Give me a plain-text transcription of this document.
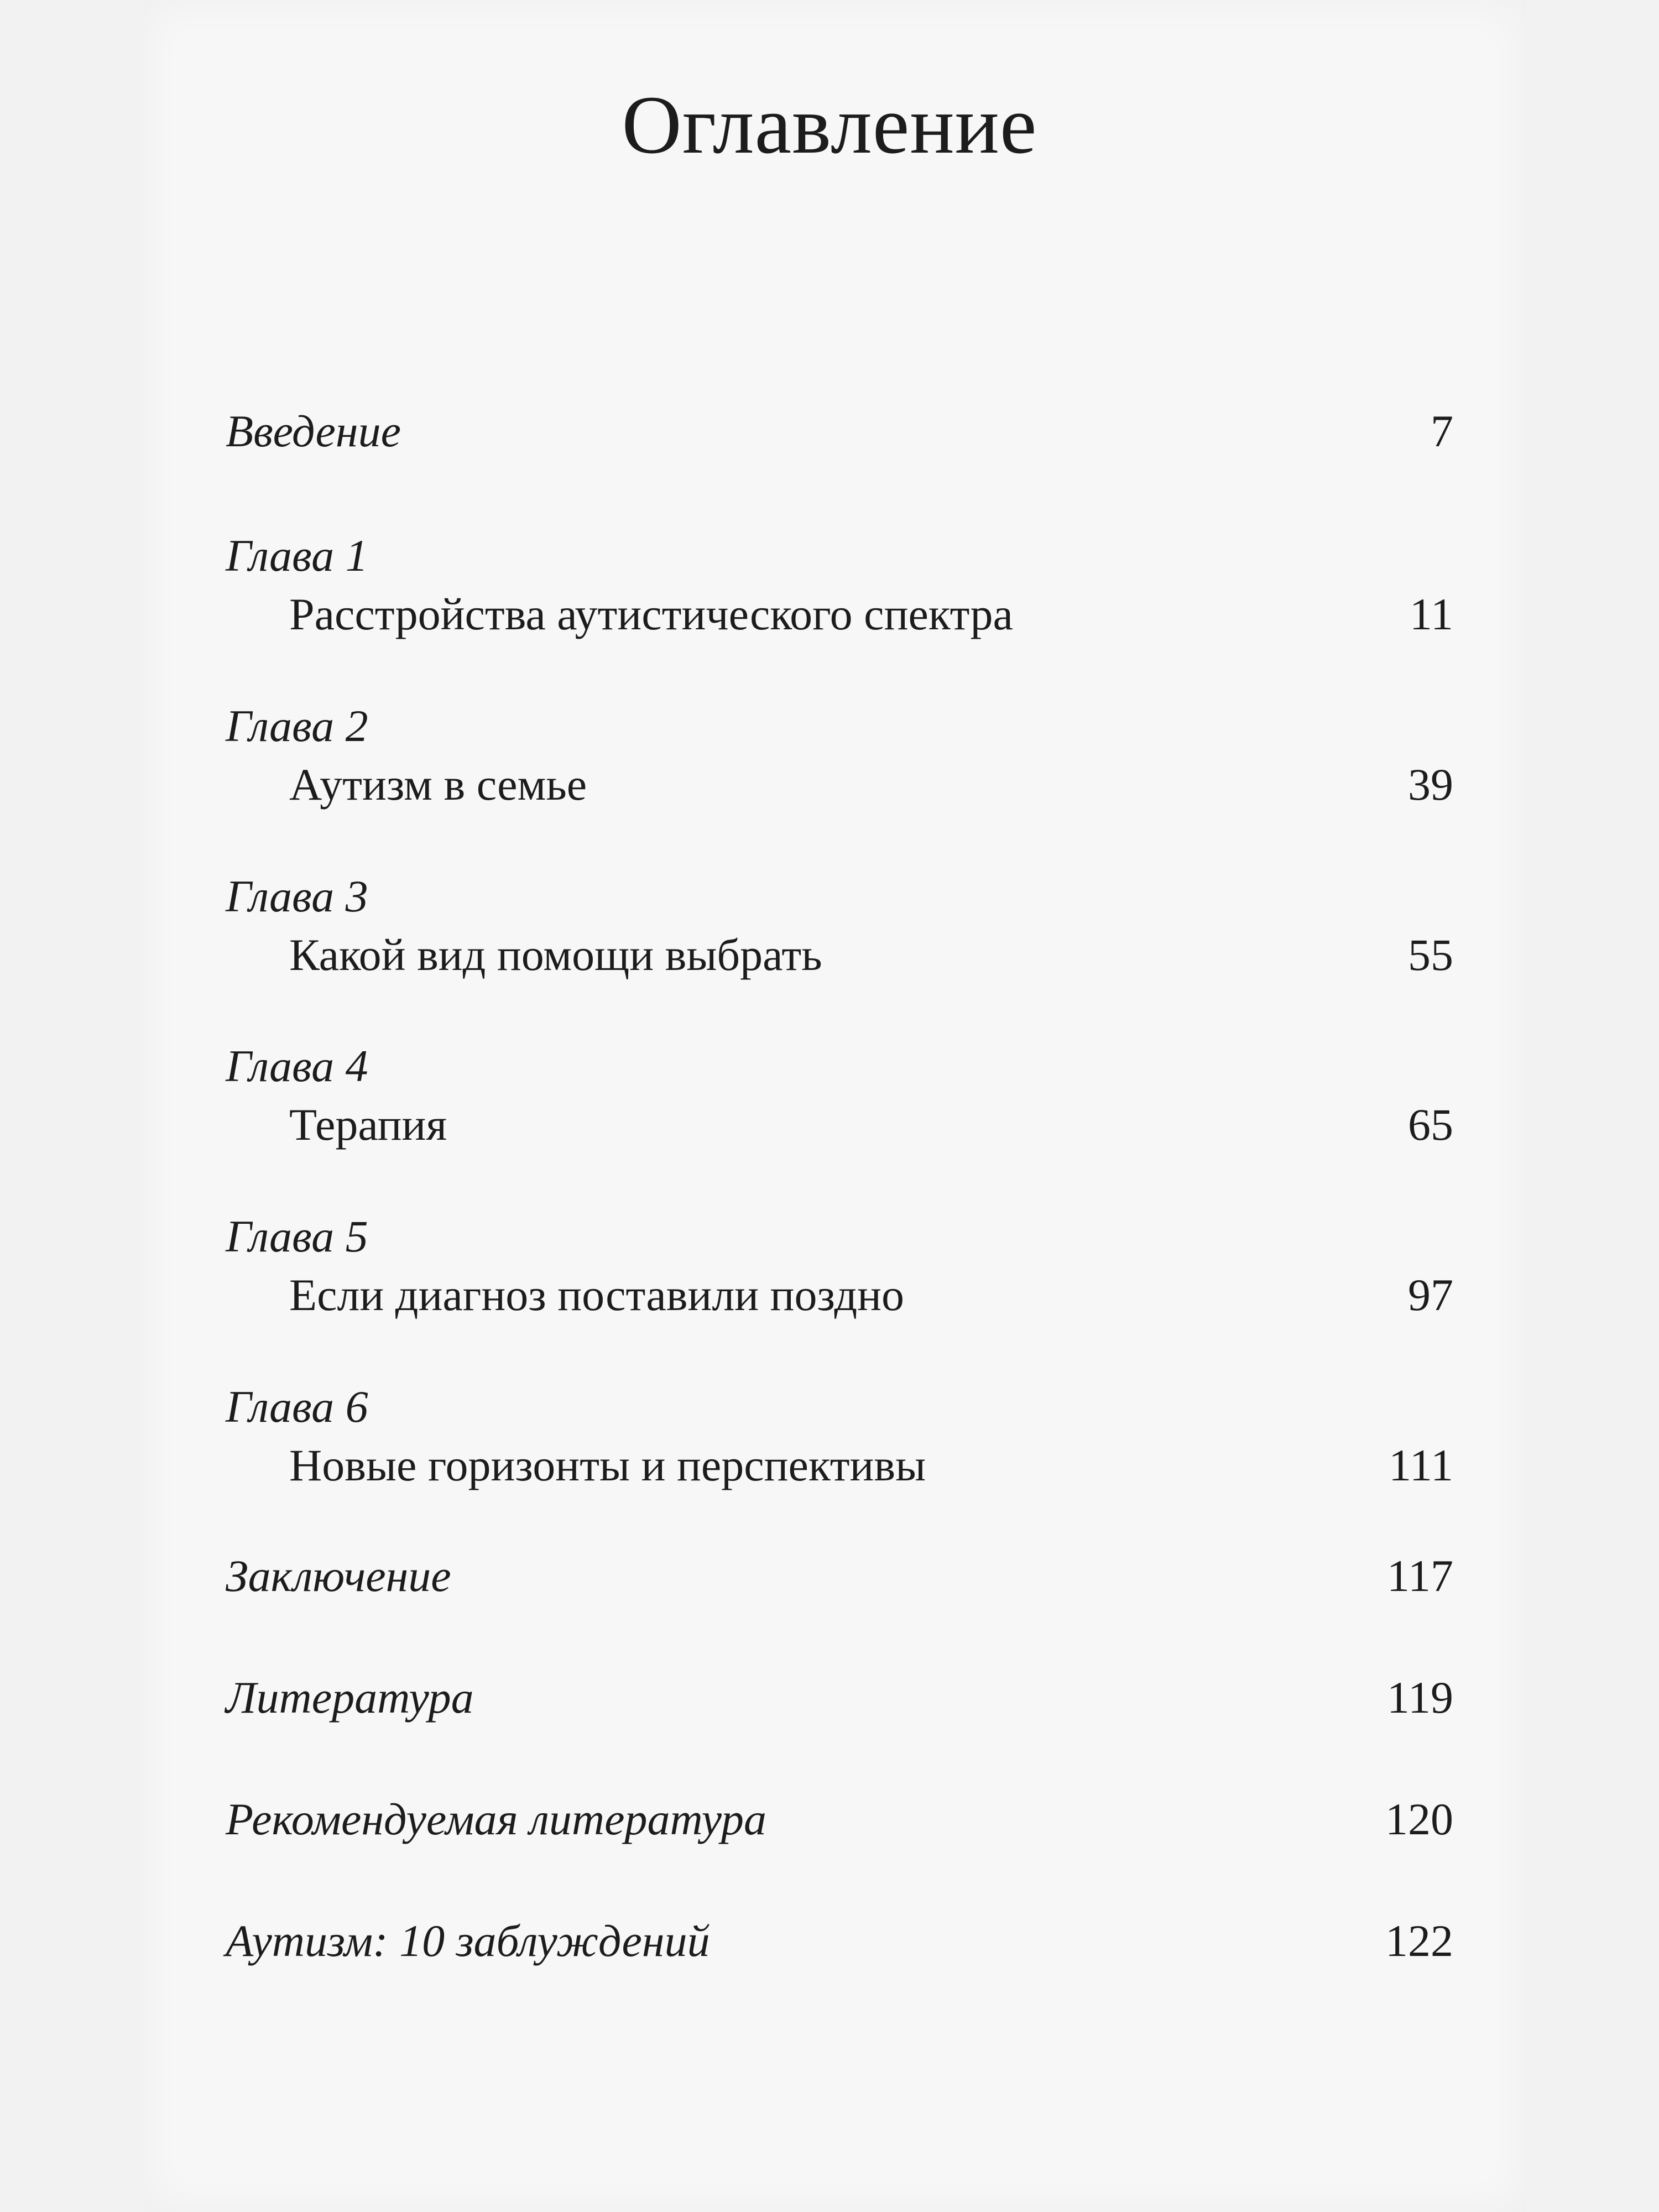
Оглавление
Введение	7
Глава 1
Расстройства аутистического спектра	11
Глава 2
Аутизм в семье	39
Глава 3
Какой вид помощи выбрать	55
Глава 4
Терапия	65
Глава 5
Если диагноз поставили поздно	97
Глава 6
Новые горизонты и перспективы	111
Заключение	117
Литература	119
Рекомендуемая литература	120
Аутизм: 10 заблуждений	122
